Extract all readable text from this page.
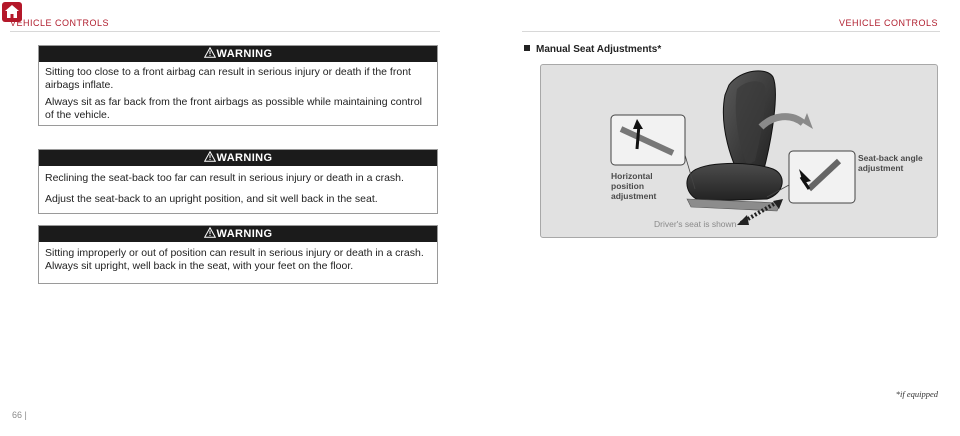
VEHICLE CONTROLS	VEHICLE CONTROLS
WARNING

Sitting too close to a front airbag can result in serious injury or death if the front airbags inflate.

Always sit as far back from the front airbags as possible while maintaining control of the vehicle.

WARNING

Reclining the seat-back too far can result in serious injury or death in a crash.

Adjust the seat-back to an upright position, and sit well back in the seat.

WARNING

Sitting improperly or out of position can result in serious injury or death in a crash. Always sit upright, well back in the seat, with your feet on the floor.

Manual Seat Adjustments*
Horizontal
position
adjustment
Seat-back angle
adjustment
Driver's seat is shown
*if equipped
66 |
